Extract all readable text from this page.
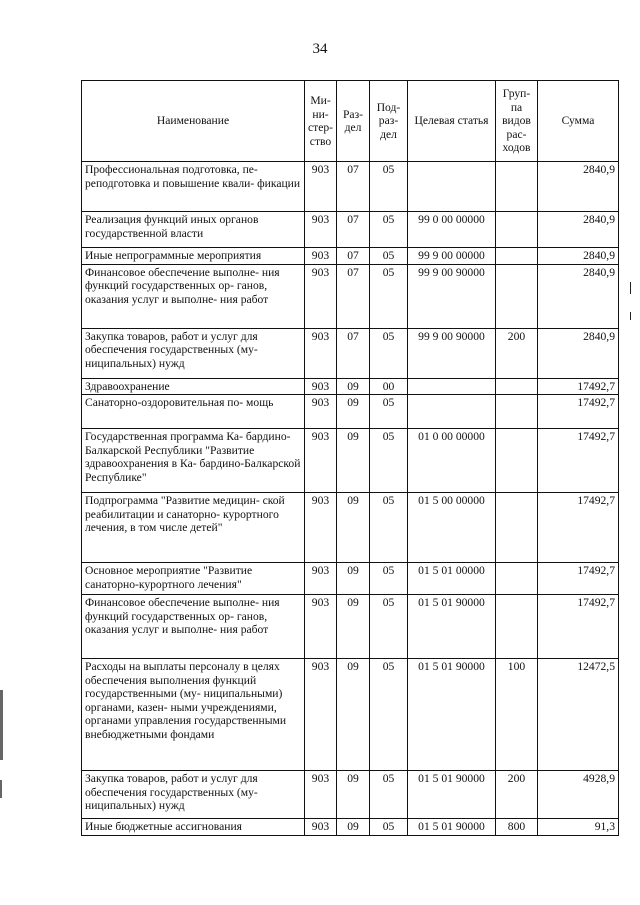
34
Наименование	Ми- ни- стер- ство	Раз- дел	Под- раз- дел	Целевая статья	Груп- па видов рас- ходов	Сумма
Профессиональная подготовка, пе- реподготовка и повышение квали- фикации	903	07	05			2840,9
Реализация функций иных органов государственной власти	903	07	05	99 0 00 00000		2840,9
Иные непрограммные мероприятия	903	07	05	99 9 00 00000		2840,9
Финансовое обеспечение выполне- ния функций государственных ор- ганов, оказания услуг и выполне- ния работ	903	07	05	99 9 00 90000		2840,9
Закупка товаров, работ и услуг для обеспечения государственных (му- ниципальных) нужд	903	07	05	99 9 00 90000	200	2840,9
Здравоохранение	903	09	00			17492,7
Санаторно-оздоровительная по- мощь	903	09	05			17492,7
Государственная программа Ка- бардино-Балкарской Республики "Развитие здравоохранения в Ка- бардино-Балкарской Республике"	903	09	05	01 0 00 00000		17492,7
Подпрограмма "Развитие медицин- ской реабилитации и санаторно- курортного лечения, в том числе детей"	903	09	05	01 5 00 00000		17492,7
Основное мероприятие "Развитие санаторно-курортного лечения"	903	09	05	01 5 01 00000		17492,7
Финансовое обеспечение выполне- ния функций государственных ор- ганов, оказания услуг и выполне- ния работ	903	09	05	01 5 01 90000		17492,7
Расходы на выплаты персоналу в целях обеспечения выполнения функций государственными (му- ниципальными) органами, казен- ными учреждениями, органами управления государственными внебюджетными фондами	903	09	05	01 5 01 90000	100	12472,5
Закупка товаров, работ и услуг для обеспечения государственных (му- ниципальных) нужд	903	09	05	01 5 01 90000	200	4928,9
Иные бюджетные ассигнования	903	09	05	01 5 01 90000	800	91,3
